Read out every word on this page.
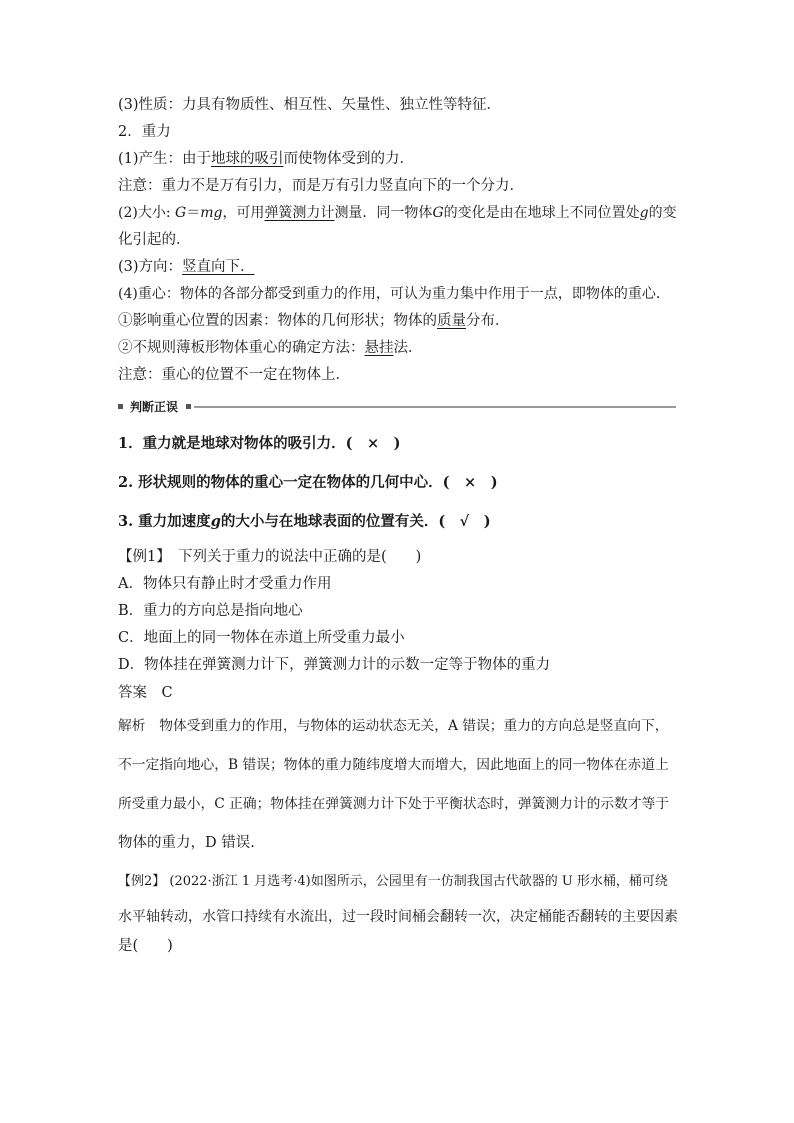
(3)性质：力具有物质性、相互性、矢量性、独立性等特征．
2．重力
(1)产生：由于地球的吸引而使物体受到的力．
注意：重力不是万有引力，而是万有引力竖直向下的一个分力．
(2)大小: G＝mg，可用弹簧测力计测量．同一物体G的变化是由在地球上不同位置处g的变
化引起的．
(3)方向：竖直向下．
(4)重心：物体的各部分都受到重力的作用，可认为重力集中作用于一点，即物体的重心．
①影响重心位置的因素：物体的几何形状；物体的质量分布．
②不规则薄板形物体重心的确定方法：悬挂法．
注意：重心的位置不一定在物体上．
判断正误
1．重力就是地球对物体的吸引力．(　×　)
2. 形状规则的物体的重心一定在物体的几何中心．(　×　)
3. 重力加速度g的大小与在地球表面的位置有关．(　√　)
【例1】　下列关于重力的说法中正确的是(　　)
A．物体只有静止时才受重力作用
B．重力的方向总是指向地心
C．地面上的同一物体在赤道上所受重力最小
D．物体挂在弹簧测力计下，弹簧测力计的示数一定等于物体的重力
答案　C
解析　物体受到重力的作用，与物体的运动状态无关，A 错误；重力的方向总是竖直向下，
不一定指向地心，B 错误；物体的重力随纬度增大而增大，因此地面上的同一物体在赤道上
所受重力最小，C 正确；物体挂在弹簧测力计下处于平衡状态时，弹簧测力计的示数才等于
物体的重力，D 错误.
【例2】 (2022·浙江 1 月选考·4)如图所示，公园里有一仿制我国古代欹器的 U 形水桶，桶可绕
水平轴转动，水管口持续有水流出，过一段时间桶会翻转一次，决定桶能否翻转的主要因素
是(　　)
